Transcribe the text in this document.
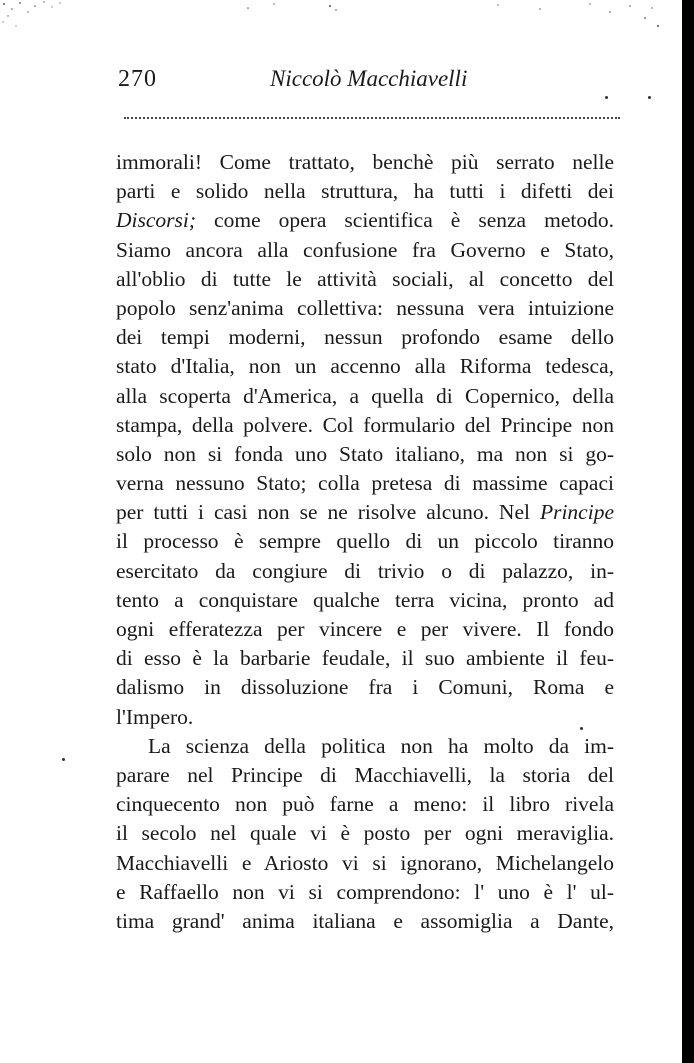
270	Niccolò Macchiavelli
immorali! Come trattato, benchè più serrato nelle
parti e solido nella struttura, ha tutti i difetti dei
Discorsi; come opera scientifica è senza metodo.
Siamo ancora alla confusione fra Governo e Stato,
all'oblio di tutte le attività sociali, al concetto del
popolo senz'anima collettiva: nessuna vera intuizione
dei tempi moderni, nessun profondo esame dello
stato d'Italia, non un accenno alla Riforma tedesca,
alla scoperta d'America, a quella di Copernico, della
stampa, della polvere. Col formulario del Principe non
solo non si fonda uno Stato italiano, ma non si go-
verna nessuno Stato; colla pretesa di massime capaci
per tutti i casi non se ne risolve alcuno. Nel Principe
il processo è sempre quello di un piccolo tiranno
esercitato da congiure di trivio o di palazzo, in-
tento a conquistare qualche terra vicina, pronto ad
ogni efferatezza per vincere e per vivere. Il fondo
di esso è la barbarie feudale, il suo ambiente il feu-
dalismo in dissoluzione fra i Comuni, Roma e
l'Impero.
La scienza della politica non ha molto da im-
parare nel Principe di Macchiavelli, la storia del
cinquecento non può farne a meno: il libro rivela
il secolo nel quale vi è posto per ogni meraviglia.
Macchiavelli e Ariosto vi si ignorano, Michelangelo
e Raffaello non vi si comprendono: l' uno è l' ul-
tima grand' anima italiana e assomiglia a Dante,
